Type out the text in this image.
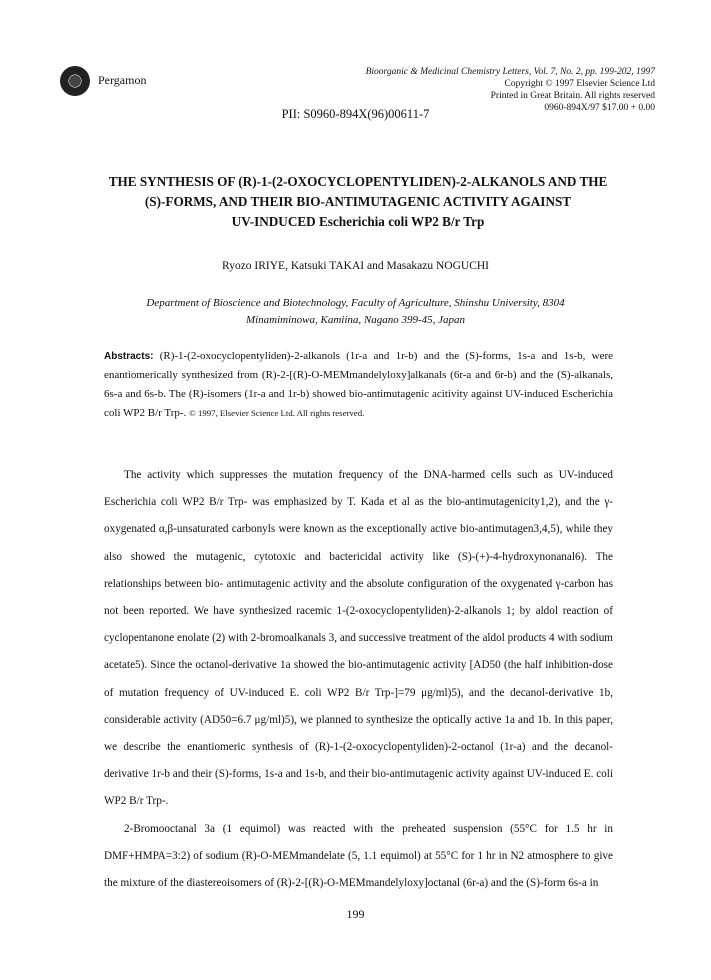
Pergamon
Bioorganic & Medicinal Chemistry Letters, Vol. 7, No. 2, pp. 199-202, 1997
Copyright © 1997 Elsevier Science Ltd
Printed in Great Britain. All rights reserved
0960-894X/97 $17.00 + 0.00
PII: S0960-894X(96)00611-7
THE SYNTHESIS OF (R)-1-(2-OXOCYCLOPENTYLIDEN)-2-ALKANOLS AND THE
(S)-FORMS, AND THEIR BIO-ANTIMUTAGENIC ACTIVITY AGAINST
UV-INDUCED Escherichia coli WP2 B/r Trp
Ryozo IRIYE, Katsuki TAKAI and Masakazu NOGUCHI
Department of Bioscience and Biotechnology, Faculty of Agriculture, Shinshu University, 8304
Minamiminowa, Kamiina, Nagano 399-45, Japan
Abstracts: (R)-1-(2-oxocyclopentyliden)-2-alkanols (1r-a and 1r-b) and the (S)-forms, 1s-a and 1s-b, were enantiomerically synthesized from (R)-2-[(R)-O-MEMmandelyloxy]alkanals (6r-a and 6r-b) and the (S)-alkanals, 6s-a and 6s-b. The (R)-isomers (1r-a and 1r-b) showed bio-antimutagenic acitivity against UV-induced Escherichia coli WP2 B/r Trp-. © 1997, Elsevier Science Ltd. All rights reserved.

The activity which suppresses the mutation frequency of the DNA-harmed cells such as UV-induced Escherichia coli WP2 B/r Trp- was emphasized by T. Kada et al as the bio-antimutagenicity1,2), and the γ-oxygenated α,β-unsaturated carbonyls were known as the exceptionally active bio-antimutagen3,4,5), while they also showed the mutagenic, cytotoxic and bactericidal activity like (S)-(+)-4-hydroxynonanal6). The relationships between bio- antimutagenic activity and the absolute configuration of the oxygenated γ-carbon has not been reported. We have synthesized racemic 1-(2-oxocyclopentyliden)-2-alkanols 1; by aldol reaction of cyclopentanone enolate (2) with 2-bromoalkanals 3, and successive treatment of the aldol products 4 with sodium acetate5). Since the octanol-derivative 1a showed the bio-antimutagenic activity [AD50 (the half inhibition-dose of mutation frequency of UV-induced E. coli WP2 B/r Trp-]=79 μg/ml)5), and the decanol-derivative 1b, considerable activity (AD50=6.7 μg/ml)5), we planned to synthesize the optically active 1a and 1b. In this paper, we describe the enantiomeric synthesis of (R)-1-(2-oxocyclopentyliden)-2-octanol (1r-a) and the decanol-derivative 1r-b and their (S)-forms, 1s-a and 1s-b, and their bio-antimutagenic activity against UV-induced E. coli WP2 B/r Trp-.

2-Bromooctanal 3a (1 equimol) was reacted with the preheated suspension (55°C for 1.5 hr in DMF+HMPA=3:2) of sodium (R)-O-MEMmandelate (5, 1.1 equimol) at 55°C for 1 hr in N2 atmosphere to give the mixture of the diastereoisomers of (R)-2-[(R)-O-MEMmandelyloxy]octanal (6r-a) and the (S)-form 6s-a in

199
